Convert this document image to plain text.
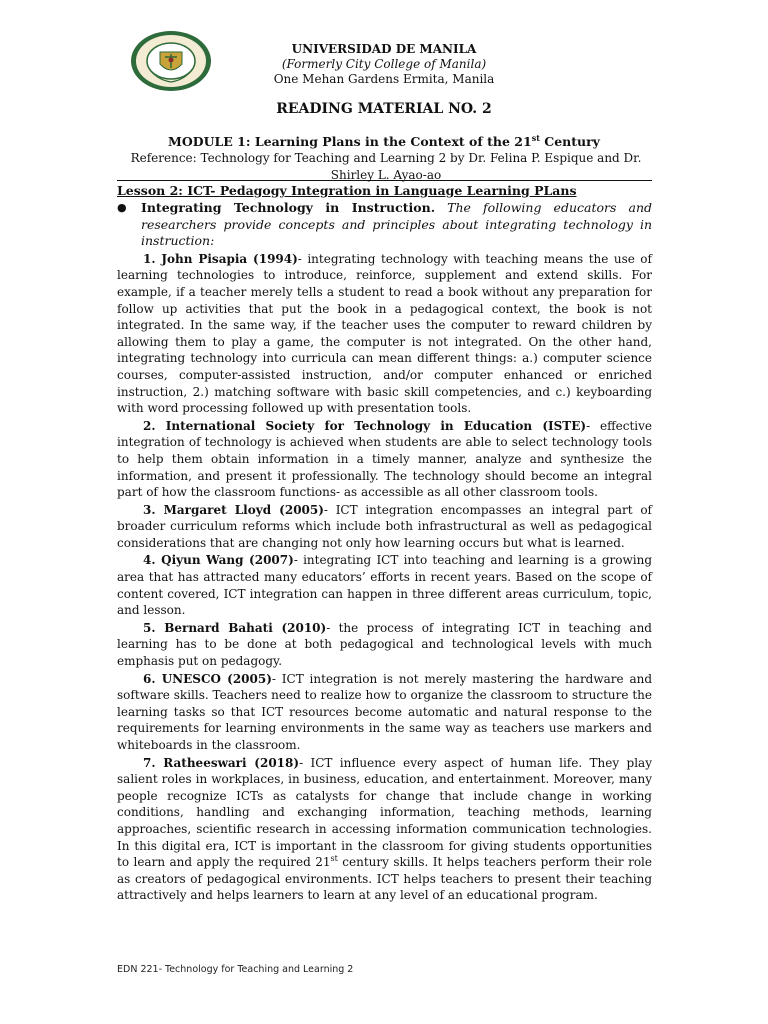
UNIVERSIDAD DE MANILA
(Formerly City College of Manila)
One Mehan Gardens Ermita, Manila
READING MATERIAL NO. 2
MODULE 1: Learning Plans in the Context of the 21st Century
Reference: Technology for Teaching and Learning 2 by Dr. Felina P. Espique and Dr. Shirley L. Ayao-ao
Lesson 2: ICT- Pedagogy Integration in Language Learning PLans
●	Integrating Technology in Instruction. The following educators and researchers provide concepts and principles about integrating technology in instruction:
1. John Pisapia (1994)- integrating technology with teaching means the use of learning technologies to introduce, reinforce, supplement and extend skills. For example, if a teacher merely tells a student to read a book without any preparation for follow up activities that put the book in a pedagogical context, the book is not integrated. In the same way, if the teacher uses the computer to reward children by allowing them to play a game, the computer is not integrated. On the other hand, integrating technology into curricula can mean different things: a.) computer science courses, computer-assisted instruction, and/or computer enhanced or enriched instruction, 2.) matching software with basic skill competencies, and c.) keyboarding with word processing followed up with presentation tools.
2. International Society for Technology in Education (ISTE)- effective integration of technology is achieved when students are able to select technology tools to help them obtain information in a timely manner, analyze and synthesize the information, and present it professionally. The technology should become an integral part of how the classroom functions- as accessible as all other classroom tools.
3. Margaret Lloyd (2005)- ICT integration encompasses an integral part of broader curriculum reforms which include both infrastructural as well as pedagogical considerations that are changing not only how learning occurs but what is learned.
4. Qiyun Wang (2007)- integrating ICT into teaching and learning is a growing area that has attracted many educators’ efforts in recent years. Based on the scope of content covered, ICT integration can happen in three different areas curriculum, topic, and lesson.
5. Bernard Bahati (2010)- the process of integrating ICT in teaching and learning has to be done at both pedagogical and technological levels with much emphasis put on pedagogy.
6. UNESCO (2005)- ICT integration is not merely mastering the hardware and software skills. Teachers need to realize how to organize the classroom to structure the learning tasks so that ICT resources become automatic and natural response to the requirements for learning environments in the same way as teachers use markers and whiteboards in the classroom.
7. Ratheeswari (2018)- ICT influence every aspect of human life. They play salient roles in workplaces, in business, education, and entertainment. Moreover, many people recognize ICTs as catalysts for change that include change in working conditions, handling and exchanging information, teaching methods, learning approaches, scientific research in accessing information communication technologies. In this digital era, ICT is important in the classroom for giving students opportunities to learn and apply the required 21st century skills. It helps teachers perform their role as creators of pedagogical environments. ICT helps teachers to present their teaching attractively and helps learners to learn at any level of an educational program.
EDN 221- Technology for Teaching and Learning 2
